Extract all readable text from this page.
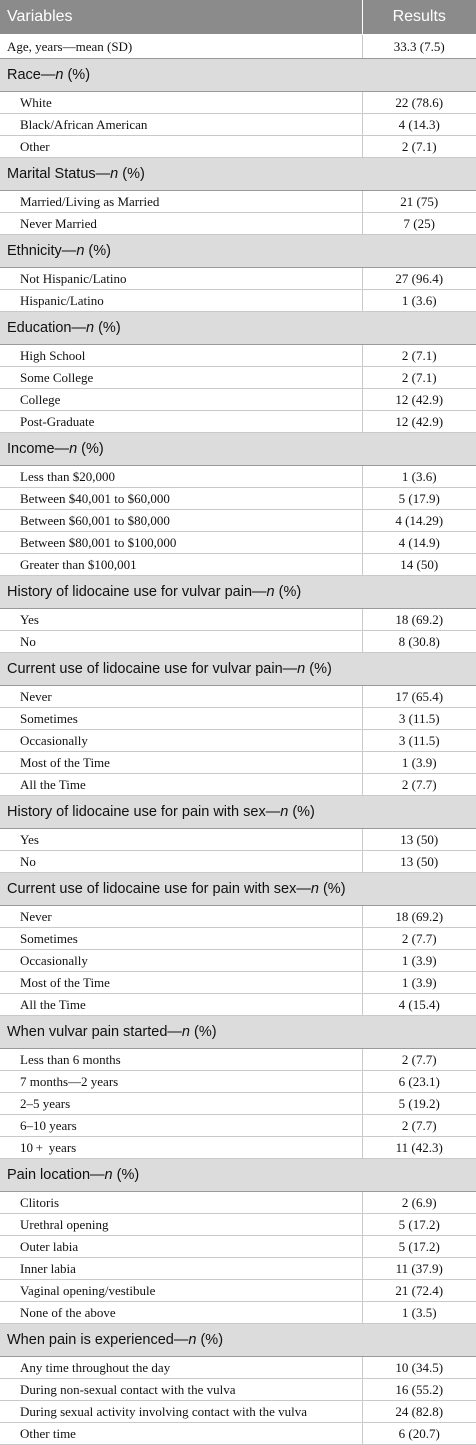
Variables	Results
Age, years—mean (SD)	33.3 (7.5)
Race—n (%)	
White	22 (78.6)
Black/African American	4 (14.3)
Other	2 (7.1)
Marital Status—n (%)	
Married/Living as Married	21 (75)
Never Married	7 (25)
Ethnicity—n (%)	
Not Hispanic/Latino	27 (96.4)
Hispanic/Latino	1 (3.6)
Education—n (%)	
High School	2 (7.1)
Some College	2 (7.1)
College	12 (42.9)
Post-Graduate	12 (42.9)
Income—n (%)	
Less than $20,000	1 (3.6)
Between $40,001 to $60,000	5 (17.9)
Between $60,001 to $80,000	4 (14.29)
Between $80,001 to $100,000	4 (14.9)
Greater than $100,001	14 (50)
History of lidocaine use for vulvar pain—n (%)	
Yes	18 (69.2)
No	8 (30.8)
Current use of lidocaine use for vulvar pain—n (%)	
Never	17 (65.4)
Sometimes	3 (11.5)
Occasionally	3 (11.5)
Most of the Time	1 (3.9)
All the Time	2 (7.7)
History of lidocaine use for pain with sex—n (%)	
Yes	13 (50)
No	13 (50)
Current use of lidocaine use for pain with sex—n (%)	
Never	18 (69.2)
Sometimes	2 (7.7)
Occasionally	1 (3.9)
Most of the Time	1 (3.9)
All the Time	4 (15.4)
When vulvar pain started—n (%)	
Less than 6 months	2 (7.7)
7 months—2 years	6 (23.1)
2–5 years	5 (19.2)
6–10 years	2 (7.7)
10 +  years	11 (42.3)
Pain location—n (%)	
Clitoris	2 (6.9)
Urethral opening	5 (17.2)
Outer labia	5 (17.2)
Inner labia	11 (37.9)
Vaginal opening/vestibule	21 (72.4)
None of the above	1 (3.5)
When pain is experienced—n (%)	
Any time throughout the day	10 (34.5)
During non-sexual contact with the vulva	16 (55.2)
During sexual activity involving contact with the vulva	24 (82.8)
Other time	6 (20.7)
